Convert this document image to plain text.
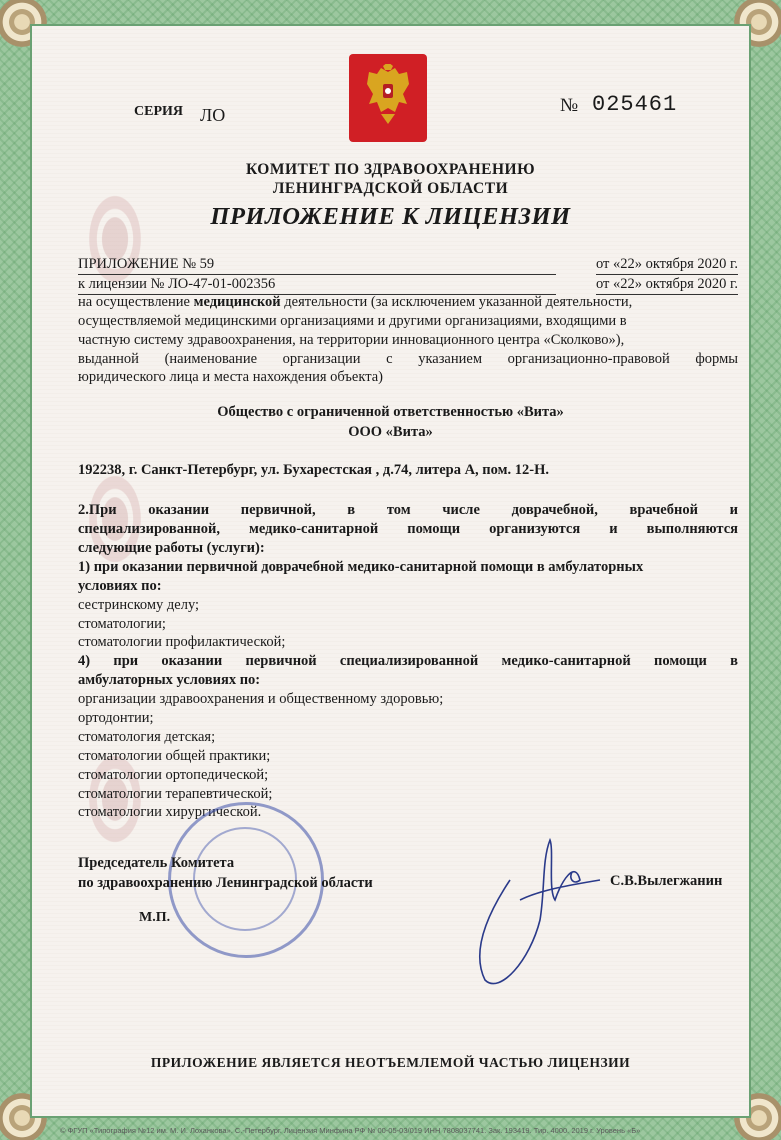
СЕРИЯ ЛО	№ 025461
КОМИТЕТ ПО ЗДРАВООХРАНЕНИЮ
ЛЕНИНГРАДСКОЙ ОБЛАСТИ
ПРИЛОЖЕНИЕ К ЛИЦЕНЗИИ
ПРИЛОЖЕНИЕ № 59	от «22» октября 2020 г.
к лицензии № ЛО-47-01-002356	от «22» октября 2020 г.
на осуществление медицинской деятельности (за исключением указанной деятельности,
осуществляемой медицинскими организациями и другими организациями, входящими в
частную систему здравоохранения, на территории инновационного центра «Сколково»),
выданной (наименование организации с указанием организационно-правовой формы
юридического лица и места нахождения объекта)
Общество с ограниченной ответственностью «Вита»
ООО «Вита»
192238, г. Санкт-Петербург, ул. Бухарестская , д.74, литера А, пом. 12-Н.
2.При оказании первичной, в том числе доврачебной, врачебной и
специализированной, медико-санитарной помощи организуются и выполняются
следующие работы (услуги):
1) при оказании первичной доврачебной медико-санитарной помощи в амбулаторных
условиях по:
сестринскому делу;
стоматологии;
стоматологии профилактической;
4) при оказании первичной специализированной медико-санитарной помощи в
амбулаторных условиях по:
организации здравоохранения и общественному здоровью;
ортодонтии;
стоматология детская;
стоматологии общей практики;
стоматологии ортопедической;
стоматологии терапевтической;
стоматологии хирургической.
Председатель Комитета
по здравоохранению Ленинградской области	С.В.Вылегжанин
М.П.
ПРИЛОЖЕНИЕ ЯВЛЯЕТСЯ НЕОТЪЕМЛЕМОЙ ЧАСТЬЮ ЛИЦЕНЗИИ
© ФГУП «Типография №12 им. М. И. Лоханкова». С.-Петербург. Лицензия Минфина РФ № 00-05-03/019 ИНН 7808037741. Зак. 193419. Тир. 4000. 2019 г. Уровень «Б»
